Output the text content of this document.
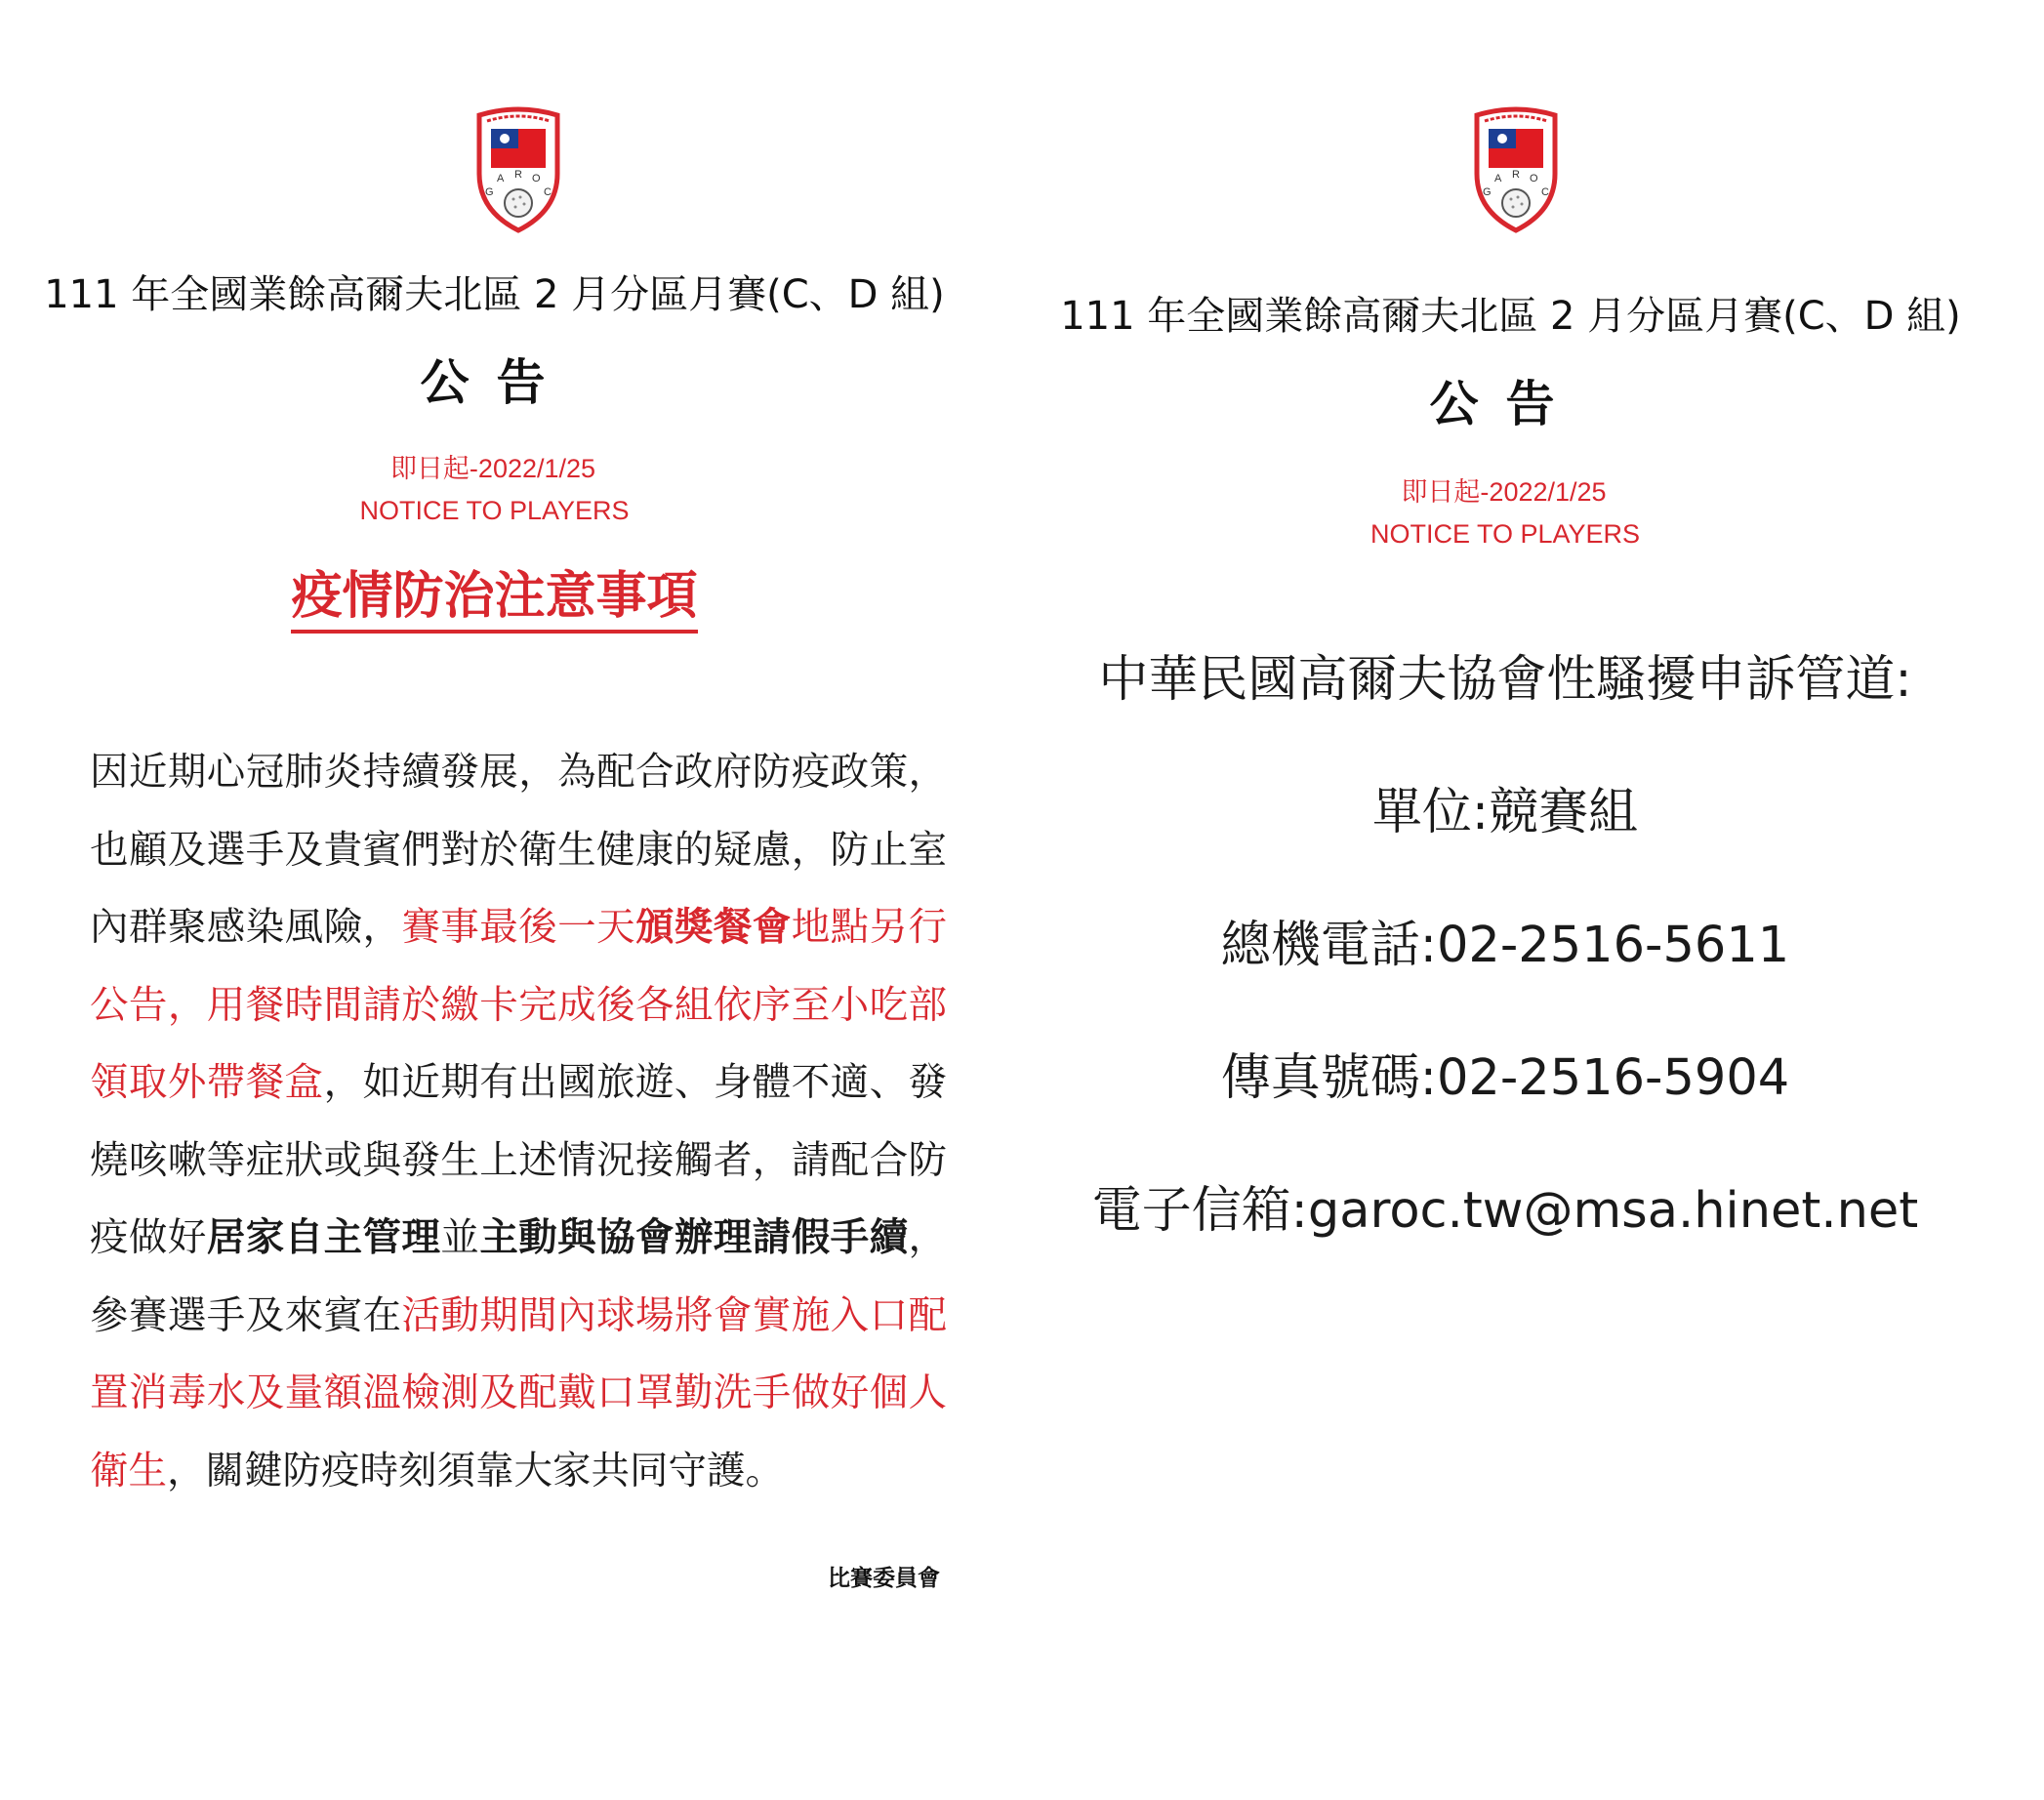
G
A R O
C
111 年全國業餘高爾夫北區 2 月分區月賽(C、D 組)
公告
即日起-2022/1/25
NOTICE TO PLAYERS
疫情防治注意事項

因近期心冠肺炎持續發展，為配合政府防疫政策，也顧及選手及貴賓們對於衛生健康的疑慮，防止室內群聚感染風險，賽事最後一天頒獎餐會地點另行公告，用餐時間請於繳卡完成後各組依序至小吃部領取外帶餐盒，如近期有出國旅遊、身體不適、發燒咳嗽等症狀或與發生上述情況接觸者，請配合防疫做好居家自主管理並主動與協會辦理請假手續，參賽選手及來賓在活動期間內球場將會實施入口配置消毒水及量額溫檢測及配戴口罩勤洗手做好個人衛生，關鍵防疫時刻須靠大家共同守護。

比賽委員會
G
A R O
C
111 年全國業餘高爾夫北區 2 月分區月賽(C、D 組)
公告
即日起-2022/1/25
NOTICE TO PLAYERS
中華民國高爾夫協會性騷擾申訴管道:
單位:競賽組
總機電話:02-2516-5611
傳真號碼:02-2516-5904
電子信箱:garoc.tw@msa.hinet.net
